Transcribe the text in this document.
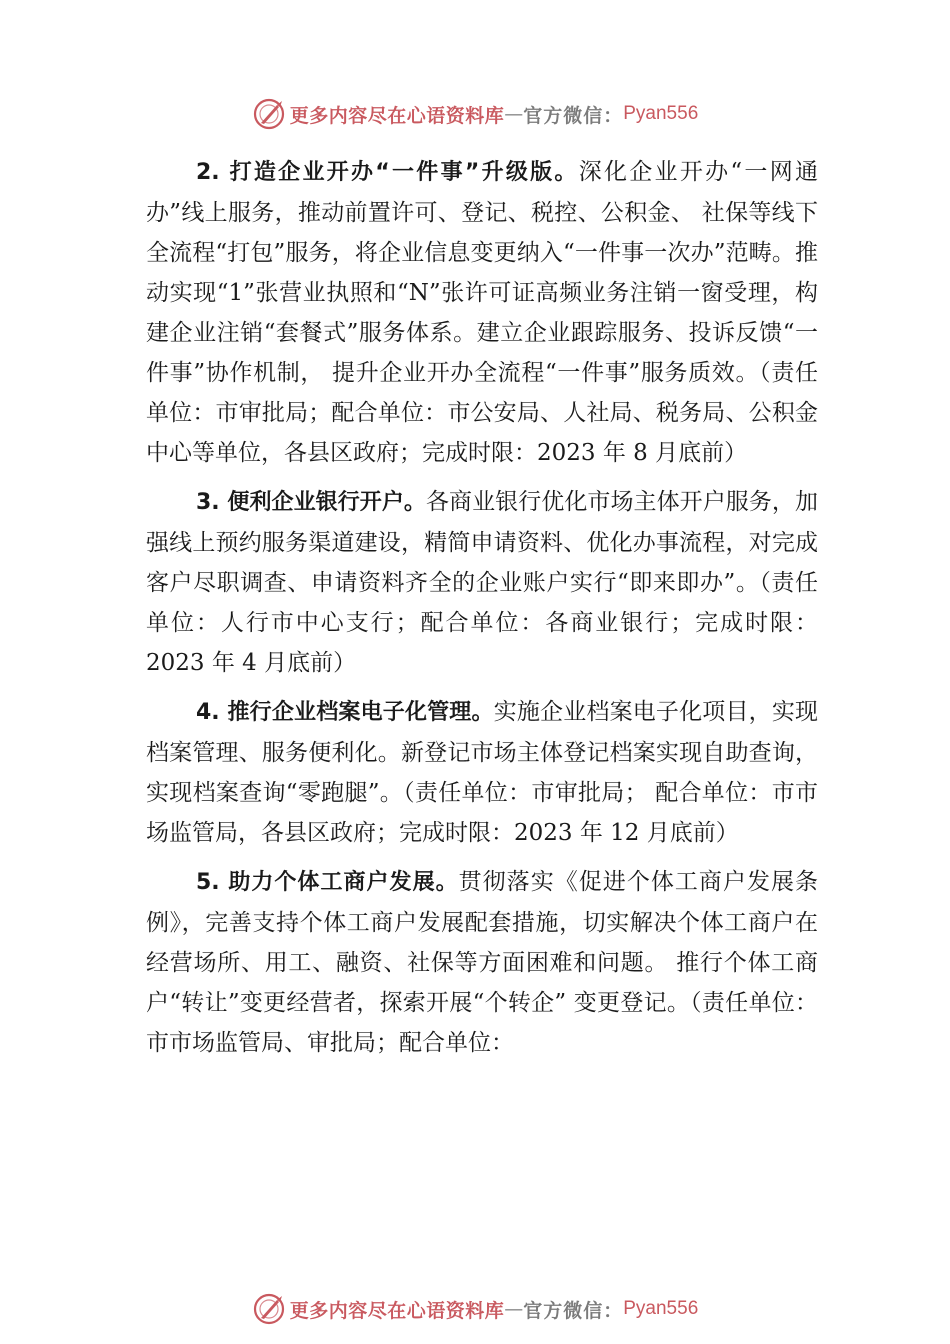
更多内容尽在心语资料库 — 官方微信： Pyan556

2. 打造企业开办“一件事”升级版。深化企业开办“一网通办”线上服务，推动前置许可、登记、税控、公积金、 社保等线下全流程“打包”服务，将企业信息变更纳入“一件事一次办”范畴。推动实现“1”张营业执照和“N”张许可证高频业务注销一窗受理，构建企业注销“套餐式”服务体系。建立企业跟踪服务、投诉反馈“一件事”协作机制， 提升企业开办全流程“一件事”服务质效。（责任单位：市审批局；配合单位：市公安局、人社局、税务局、公积金中心等单位，各县区政府；完成时限：2023 年 8 月底前）

3. 便利企业银行开户。各商业银行优化市场主体开户服务，加强线上预约服务渠道建设，精简申请资料、优化办事流程，对完成客户尽职调查、申请资料齐全的企业账户实行“即来即办”。（责任单位：人行市中心支行；配合单位：各商业银行；完成时限：2023 年 4 月底前）

4. 推行企业档案电子化管理。实施企业档案电子化项目，实现档案管理、服务便利化。新登记市场主体登记档案实现自助查询，实现档案查询“零跑腿”。（责任单位：市审批局； 配合单位：市市场监管局，各县区政府；完成时限：2023 年 12 月底前）

5. 助力个体工商户发展。贯彻落实《促进个体工商户发展条例》，完善支持个体工商户发展配套措施，切实解决个体工商户在经营场所、用工、融资、社保等方面困难和问题。 推行个体工商户“转让”变更经营者，探索开展“个转企” 变更登记。（责任单位：市市场监管局、审批局；配合单位：

更多内容尽在心语资料库 — 官方微信： Pyan556
